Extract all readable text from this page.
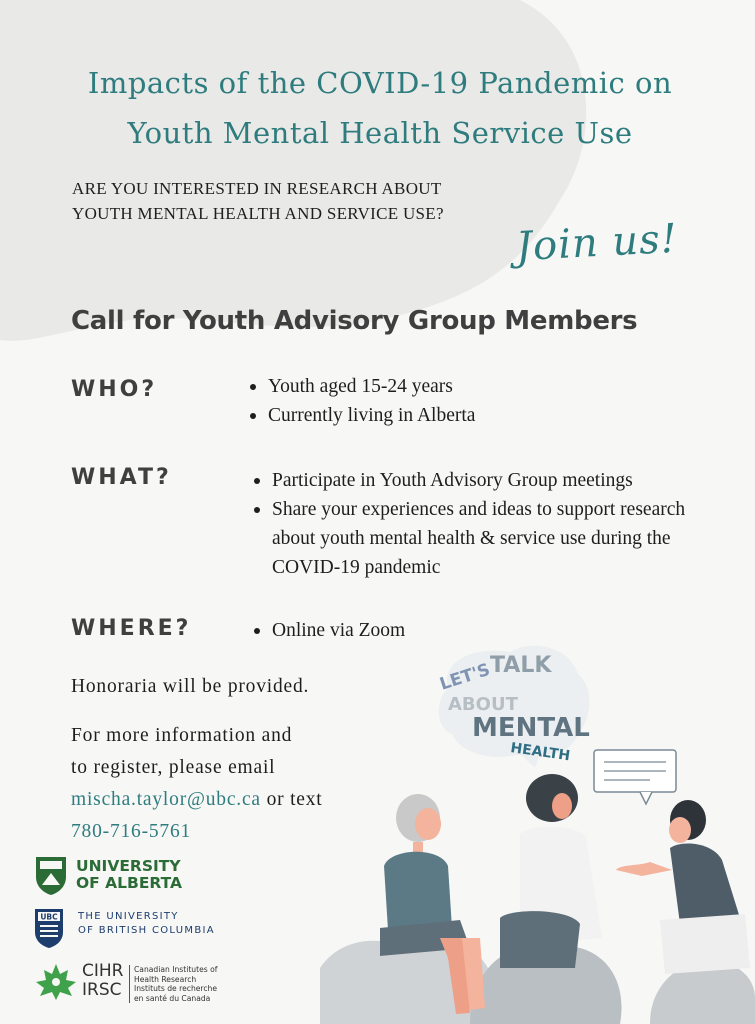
Impacts of the COVID-19 Pandemic on
Youth Mental Health Service Use
ARE YOU INTERESTED IN RESEARCH ABOUT
YOUTH MENTAL HEALTH AND SERVICE USE?
Join us!
Call for Youth Advisory Group Members
WHO?	Youth aged 15-24 years
Currently living in Alberta
WHAT?	Participate in Youth Advisory Group meetings
Share your experiences and ideas to support research about youth mental health & service use during the COVID-19 pandemic
WHERE?	Online via Zoom
Honoraria will be provided.
For more information and
to register, please email
mischa.taylor@ubc.ca or text
780-716-5761
LET'S
TALK
ABOUT
MENTAL
HEALTH
UNIVERSITY
OF ALBERTA
UBC THE UNIVERSITY
OF BRITISH COLUMBIA
CIHR
IRSC
Canadian Institutes of
Health Research
Instituts de recherche
en santé du Canada
